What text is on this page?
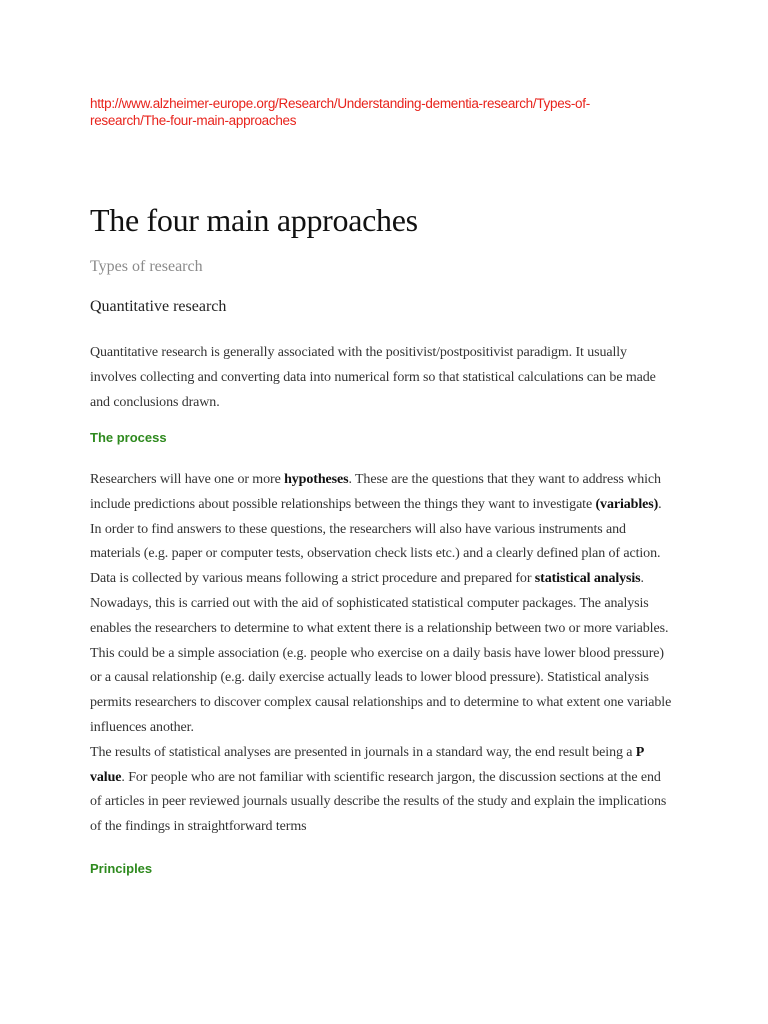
http://www.alzheimer-europe.org/Research/Understanding-dementia-research/Types-of-research/The-four-main-approaches
The four main approaches
Types of research
Quantitative research

Quantitative research is generally associated with the positivist/postpositivist paradigm. It usually involves collecting and converting data into numerical form so that statistical calculations can be made and conclusions drawn.

The process

Researchers will have one or more hypotheses. These are the questions that they want to address which include predictions about possible relationships between the things they want to investigate (variables). In order to find answers to these questions, the researchers will also have various instruments and materials (e.g. paper or computer tests, observation check lists etc.) and a clearly defined plan of action.
Data is collected by various means following a strict procedure and prepared for statistical analysis. Nowadays, this is carried out with the aid of sophisticated statistical computer packages. The analysis enables the researchers to determine to what extent there is a relationship between two or more variables. This could be a simple association (e.g. people who exercise on a daily basis have lower blood pressure) or a causal relationship (e.g. daily exercise actually leads to lower blood pressure). Statistical analysis permits researchers to discover complex causal relationships and to determine to what extent one variable influences another.
The results of statistical analyses are presented in journals in a standard way, the end result being a P value. For people who are not familiar with scientific research jargon, the discussion sections at the end of articles in peer reviewed journals usually describe the results of the study and explain the implications of the findings in straightforward terms

Principles
